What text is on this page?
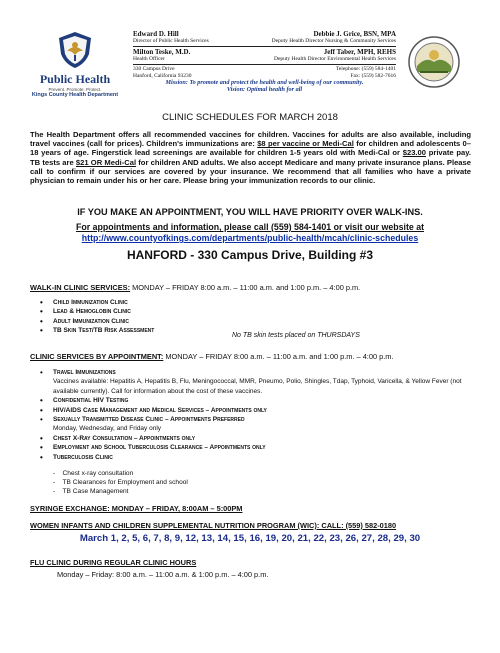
Public Health
Prevent. Promote. Protect.
Kings County Health Department
Edward D. Hill
Director of Public Health Services
Debbie J. Grice, BSN, MPA
Deputy Health Director Nursing & Community Services
Milton Teske, M.D.
Health Officer
Jeff Taber, MPH, REHS
Deputy Health Director Environmental Health Services
330 Campus Drive
Hanford, California 93230
Telephone: (559) 584-1401
Fax: (559) 582-7616
Mission: To promote and protect the health and well-being of our community.
Vision: Optimal health for all
CLINIC SCHEDULES FOR MARCH 2018
The Health Department offers all recommended vaccines for children. Vaccines for adults are also available, including travel vaccines (call for prices). Children's immunizations are: $8 per vaccine or Medi-Cal for children and adolescents 0–18 years of age. Fingerstick lead screenings are available for children 1-5 years old with Medi-Cal or $23.00 private pay. TB tests are $21 OR Medi-Cal for children AND adults. We also accept Medicare and many private insurance plans. Please call to confirm if our services are covered by your insurance. We recommend that all families who have a private physician to remain under his or her care. Please bring your immunization records to our clinic.
IF YOU MAKE AN APPOINTMENT, YOU WILL HAVE PRIORITY OVER WALK-INS.
For appointments and information, please call (559) 584-1401 or visit our website at
http://www.countyofkings.com/departments/public-health/mcah/clinic-schedules
HANFORD - 330 Campus Drive, Building #3
WALK-IN CLINIC SERVICES: MONDAY – FRIDAY 8:00 a.m. – 11:00 a.m. and 1:00 p.m. – 4:00 p.m.
• Child Immunization Clinic
• Lead & Hemoglobin Clinic
• Adult Immunization Clinic
• TB Skin Test/TB Risk Assessment
No TB skin tests placed on THURSDAYS
CLINIC SERVICES BY APPOINTMENT: MONDAY – FRIDAY 8:00 a.m. – 11:00 a.m. and 1:00 p.m. – 4:00 p.m.
• Travel Immunizations
Vaccines available: Hepatitis A, Hepatitis B, Flu, Meningococcal, MMR, Pneumo, Polio, Shingles, Tdap, Typhoid, Varicella, & Yellow Fever (not available currently). Call for information about the cost of these vaccines.
• Confidential HIV Testing
• HIV/AIDS Case Management and Medical Services – Appointments only
• Sexually Transmitted Disease Clinic – Appointments Preferred
Monday, Wednesday, and Friday only
• Chest X-Ray Consultation – Appointments only
• Employment and School Tuberculosis Clearance – Appointments only
• Tuberculosis Clinic
-    Chest x-ray consultation
-    TB Clearances for Employment and school
-    TB Case Management
SYRINGE EXCHANGE: MONDAY – FRIDAY, 8:00AM – 5:00PM
WOMEN INFANTS AND CHILDREN SUPPLEMENTAL NUTRITION PROGRAM (WIC): CALL: (559) 582-0180
March 1, 2, 5, 6, 7, 8, 9, 12, 13, 14, 15, 16, 19, 20, 21, 22, 23, 26, 27, 28, 29, 30
FLU CLINIC DURING REGULAR CLINIC HOURS
Monday – Friday: 8:00 a.m. – 11:00 a.m. & 1:00 p.m. – 4:00 p.m.
